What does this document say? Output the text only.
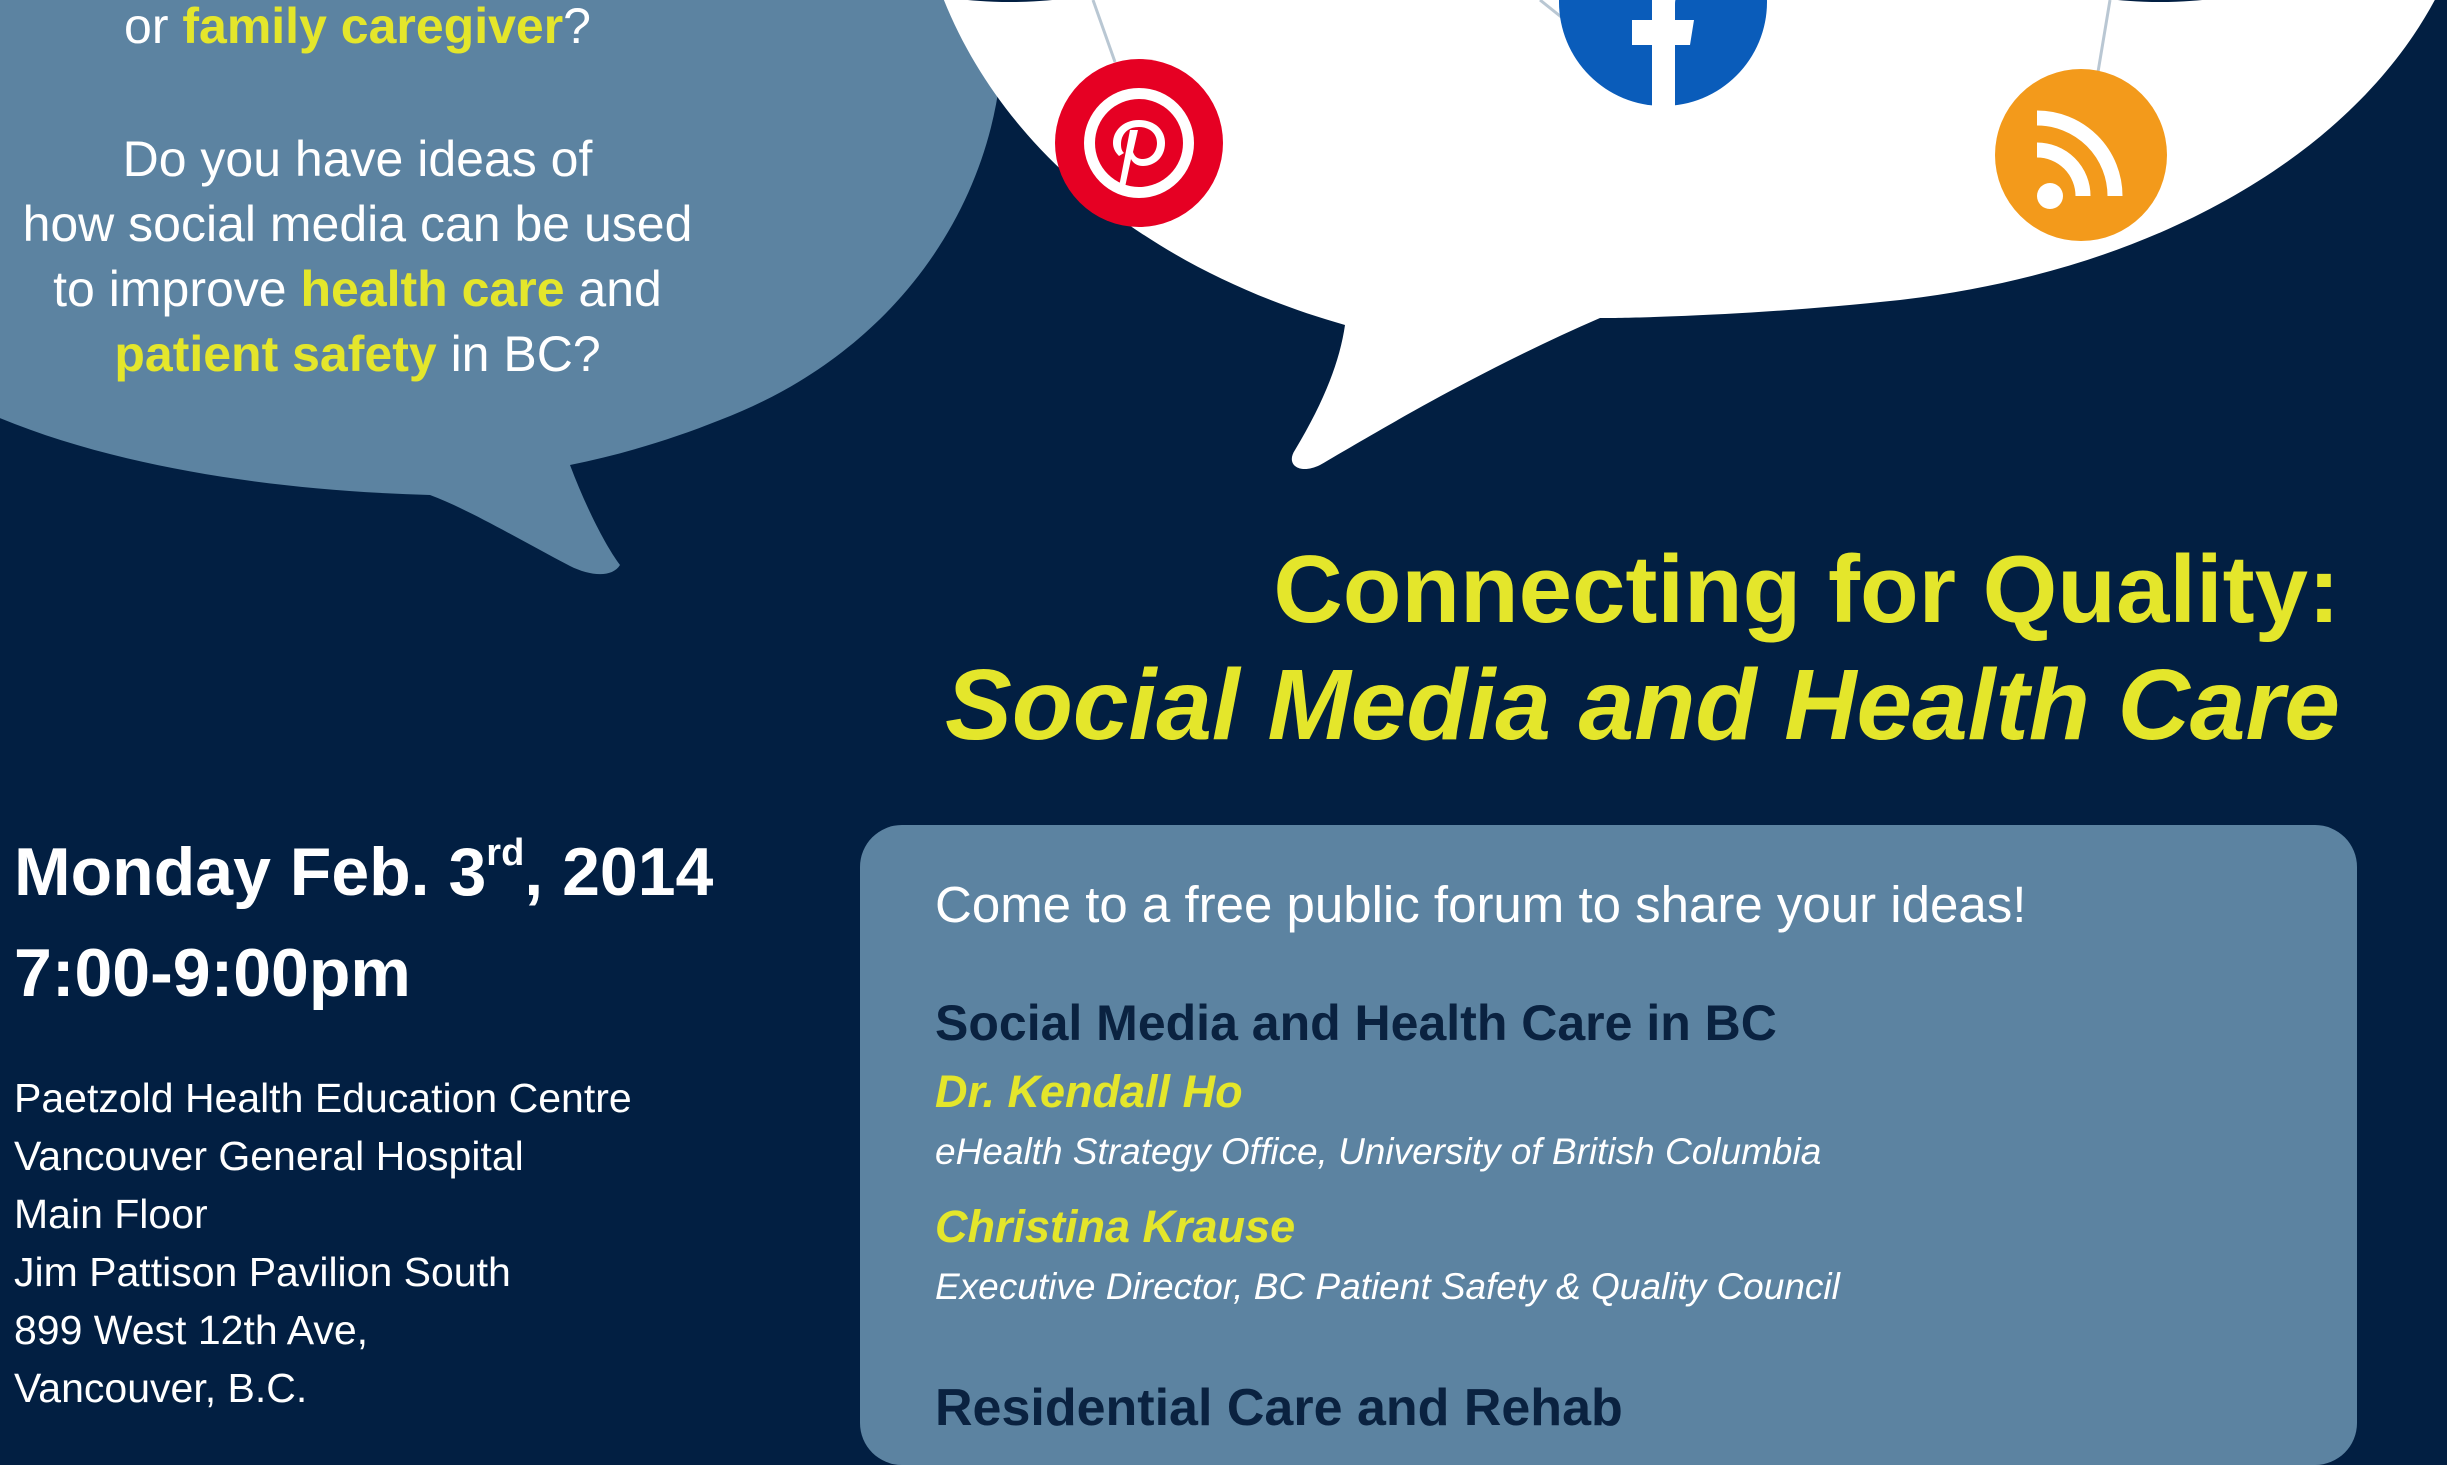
or family caregiver?
Do you have ideas of
how social media can be used
to improve health care and
patient safety in BC?
Connecting for Quality:
Social Media and Health Care
Monday Feb. 3rd, 2014
7:00-9:00pm
Paetzold Health Education Centre
Vancouver General Hospital
Main Floor
Jim Pattison Pavilion South
899 West 12th Ave,
Vancouver, B.C.
Come to a free public forum to share your ideas!
Social Media and Health Care in BC
Dr. Kendall Ho
eHealth Strategy Office, University of British Columbia
Christina Krause
Executive Director, BC Patient Safety & Quality Council
Residential Care and Rehab
